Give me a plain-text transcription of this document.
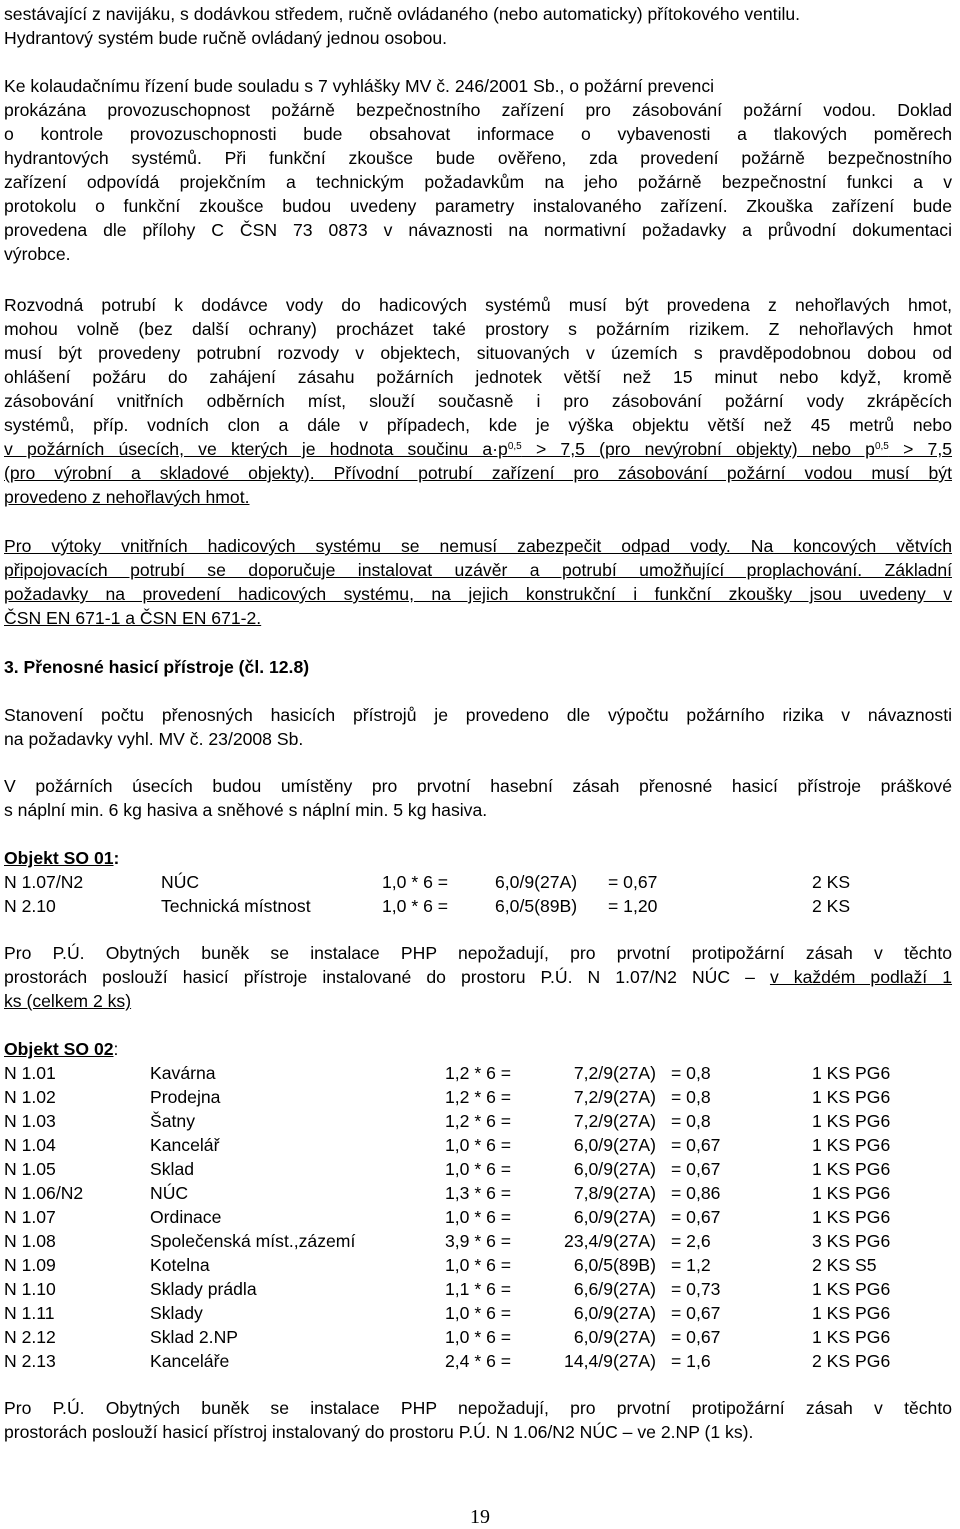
sestávající z navijáku, s dodávkou středem, ručně ovládaného (nebo automaticky) přítokového ventilu.
Hydrantový systém bude ručně ovládaný jednou osobou.
Ke kolaudačnímu řízení bude souladu s 7 vyhlášky MV č. 246/2001 Sb., o požární prevenci
prokázána provozuschopnost požárně bezpečnostního zařízení pro zásobování požární vodou. Doklad
o kontrole provozuschopnosti bude obsahovat informace o vybavenosti a tlakových poměrech
hydrantových systémů. Při funkční zkoušce bude ověřeno, zda provedení požárně bezpečnostního
zařízení odpovídá projekčním a technickým požadavkům na jeho požárně bezpečnostní funkci a v
protokolu o funkční zkoušce budou uvedeny parametry instalovaného zařízení. Zkouška zařízení bude
provedena dle přílohy C ČSN 73 0873 v návaznosti na normativní požadavky a průvodní dokumentaci
výrobce.
Rozvodná potrubí k dodávce vody do hadicových systémů musí být provedena z nehořlavých hmot,
mohou volně (bez další ochrany) procházet také prostory s požárním rizikem. Z nehořlavých hmot
musí být provedeny potrubní rozvody v objektech, situovaných v územích s pravděpodobnou dobou od
ohlášení požáru do zahájení zásahu požárních jednotek větší než 15 minut nebo když, kromě
zásobování vnitřních odběrních míst, slouží současně i pro zásobování požární vody zkrápěcích
systémů, příp. vodních clon a dále v případech, kde je výška objektu větší než 45 metrů nebo
v požárních úsecích, ve kterých je hodnota součinu $a\cdot p^{0,5} > 7,5$ (pro nevýrobní objekty) nebo $p^{0,5} > 7,5$
(pro výrobní a skladové objekty). Přívodní potrubí zařízení pro zásobování požární vodou musí být
provedeno z nehořlavých hmot.
Pro výtoky vnitřních hadicových systému se nemusí zabezpečit odpad vody. Na koncových větvích
připojovacích potrubí se doporučuje instalovat uzávěr a potrubí umožňující proplachování. Základní
požadavky na provedení hadicových systému, na jejich konstrukční i funkční zkoušky jsou uvedeny v
ČSN EN 671-1 a ČSN EN 671-2.
3. Přenosné hasicí přístroje (čl. 12.8)
Stanovení počtu přenosných hasicích přístrojů je provedeno dle výpočtu požárního rizika v návaznosti
na požadavky vyhl. MV č. 23/2008 Sb.
V požárních úsecích budou umístěny pro prvotní hasební zásah přenosné hasicí přístroje práškové
s náplní min. 6 kg hasiva a sněhové s náplní min. 5 kg hasiva.
Objekt SO 01:
N 1.07/N2	NÚC	1,0 * 6 =	6,0/9(27A) = 0,67	2 KS
N 2.10	Technická místnost	1,0 * 6 =	6,0/5(89B) = 1,20	2 KS
Pro P.Ú. Obytných buněk se instalace PHP nepožadují, pro prvotní protipožární zásah v těchto
prostorách poslouží hasicí přístroje instalované do prostoru P.Ú. N 1.07/N2 NÚC – v každém podlaží 1
ks (celkem 2 ks)
Objekt SO 02:
N 1.01	Kavárna	1,2 * 6 =	7,2/9(27A) = 0,8	1 KS PG6
N 1.02	Prodejna	1,2 * 6 =	7,2/9(27A) = 0,8	1 KS PG6
N 1.03	Šatny	1,2 * 6 =	7,2/9(27A) = 0,8	1 KS PG6
N 1.04	Kancelář	1,0 * 6 =	6,0/9(27A) = 0,67	1 KS PG6
N 1.05	Sklad	1,0 * 6 =	6,0/9(27A) = 0,67	1 KS PG6
N 1.06/N2	NÚC	1,3 * 6 =	7,8/9(27A) = 0,86	1 KS PG6
N 1.07	Ordinace	1,0 * 6 =	6,0/9(27A) = 0,67	1 KS PG6
N 1.08	Společenská míst.,zázemí	3,9 * 6 =	23,4/9(27A) = 2,6	3 KS PG6
N 1.09	Kotelna	1,0 * 6 =	6,0/5(89B) = 1,2	2 KS S5
N 1.10	Sklady prádla	1,1 * 6 =	6,6/9(27A) = 0,73	1 KS PG6
N 1.11	Sklady	1,0 * 6 =	6,0/9(27A) = 0,67	1 KS PG6
N 2.12	Sklad 2.NP	1,0 * 6 =	6,0/9(27A) = 0,67	1 KS PG6
N 2.13	Kanceláře	2,4 * 6 =	14,4/9(27A) = 1,6	2 KS PG6
Pro P.Ú. Obytných buněk se instalace PHP nepožadují, pro prvotní protipožární zásah v těchto
prostorách poslouží hasicí přístroj instalovaný do prostoru P.Ú. N 1.06/N2 NÚC – ve 2.NP (1 ks).
19
